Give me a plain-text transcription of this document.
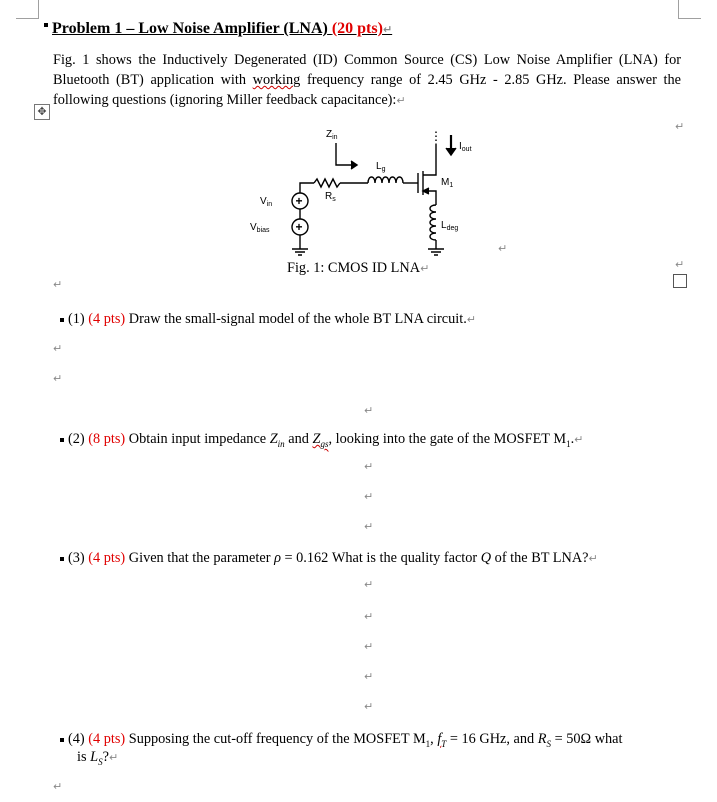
Problem 1 – Low Noise Amplifier (LNA) (20 pts)↵
Fig. 1 shows the Inductively Degenerated (ID) Common Source (CS) Low Noise Amplifier (LNA) for Bluetooth (BT) application with working frequency range of 2.45 GHz - 2.85 GHz. Please answer the following questions (ignoring Miller feedback capacitance):↵
✥
$Z_{in}$
$L_g$
$R_s$
$M_1$
$I_{out}$
$L_{deg}$
$V_{in}$
$V_{bias}$
+
+
↵
↵
↵
Fig. 1: CMOS ID LNA↵
↵
(1) (4 pts) Draw the small-signal model of the whole BT LNA circuit.↵
↵
↵
↵
(2) (8 pts) Obtain input impedance $Z_{in}$ and $Z_{gs}$, looking into the gate of the MOSFET $M_1.↵$
↵
↵
↵
(3) (4 pts) Given that the parameter ρ = 0.162 What is the quality factor Q of the BT LNA?↵
↵
↵
↵
↵
↵
(4) (4 pts) Supposing the cut-off frequency of the MOSFET $M_1$, $f_T = 16$ GHz, and $R_S = 50\Omega$ what
is $L_S?↵$
↵
